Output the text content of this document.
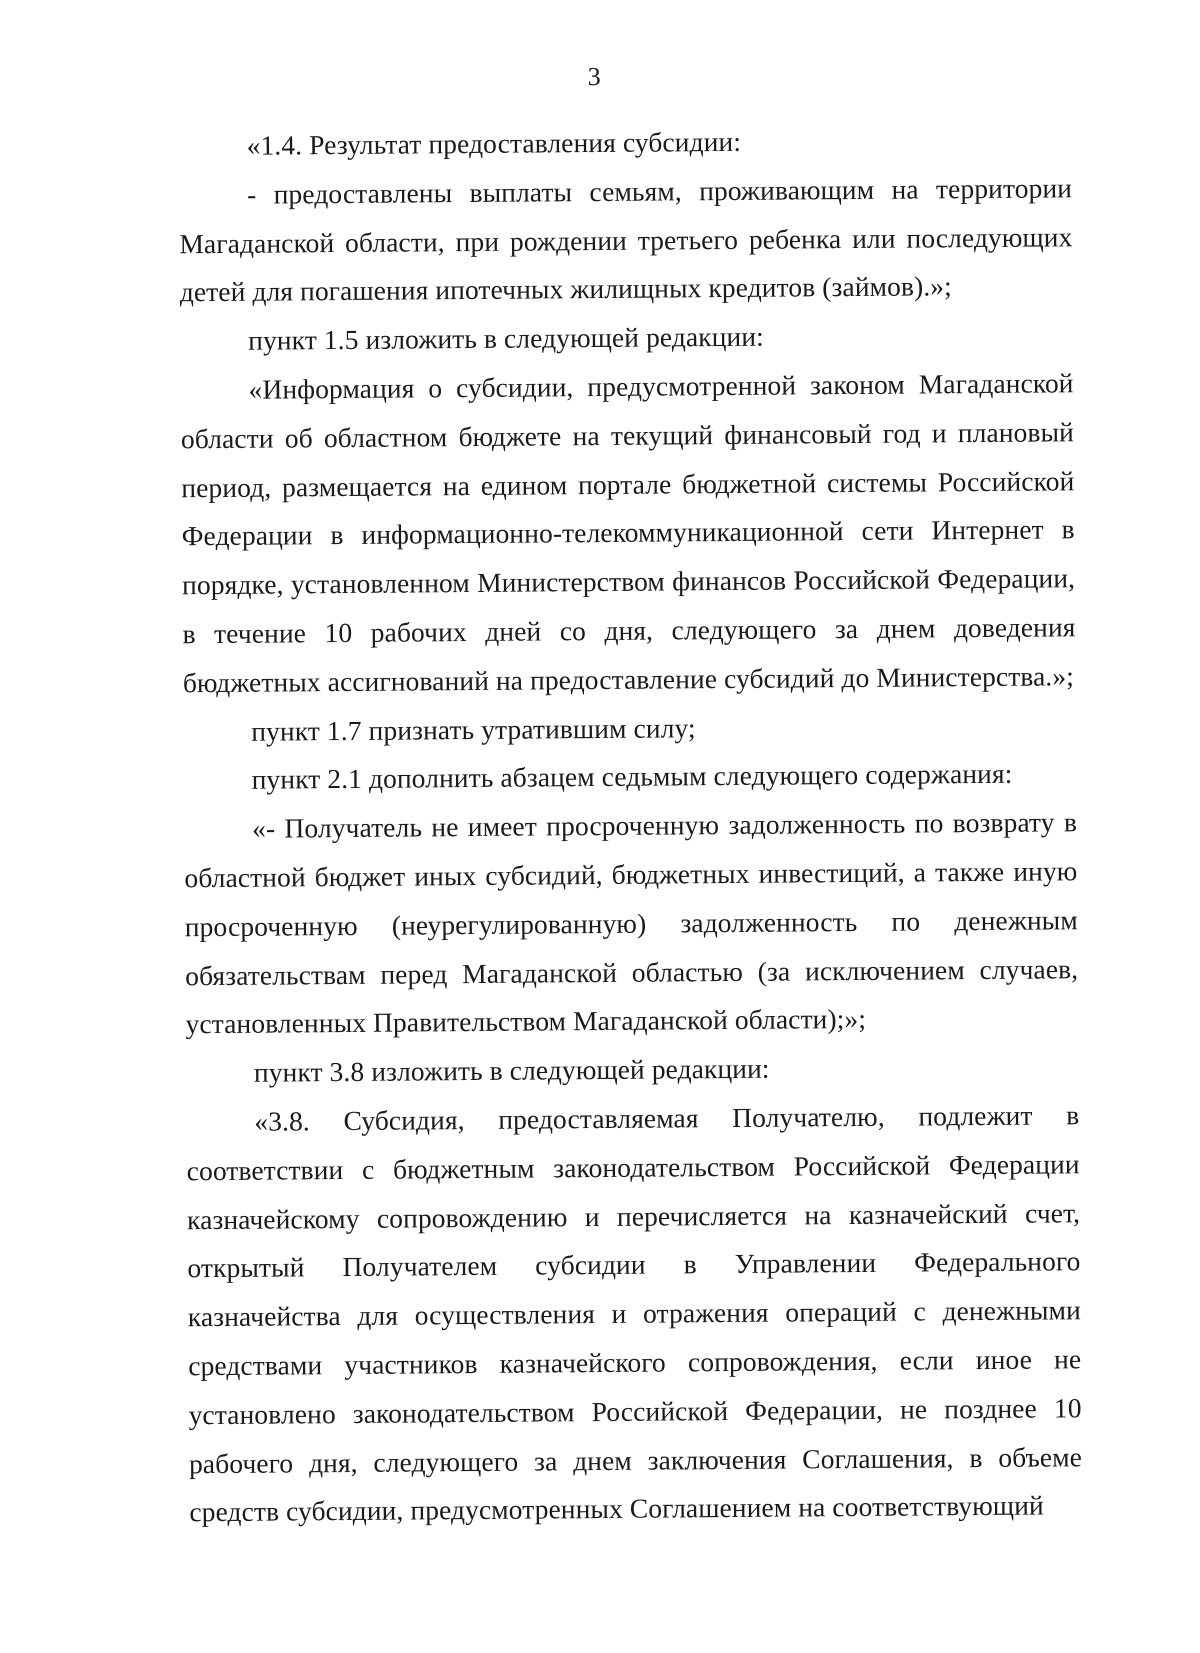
3

«1.4. Результат предоставления субсидии:

- предоставлены выплаты семьям, проживающим на территории Магаданской области, при рождении третьего ребенка или последующих детей для погашения ипотечных жилищных кредитов (займов).»;

пункт 1.5 изложить в следующей редакции:

«Информация о субсидии, предусмотренной законом Магаданской области об областном бюджете на текущий финансовый год и плановый период, размещается на едином портале бюджетной системы Российской Федерации в информационно-телекоммуникационной сети Интернет в порядке, установленном Министерством финансов Российской Федерации, в течение 10 рабочих дней со дня, следующего за днем доведения бюджетных ассигнований на предоставление субсидий до Министерства.»;

пункт 1.7 признать утратившим силу;

пункт 2.1 дополнить абзацем седьмым следующего содержания:

«- Получатель не имеет просроченную задолженность по возврату в областной бюджет иных субсидий, бюджетных инвестиций, а также иную просроченную (неурегулированную) задолженность по денежным обязательствам перед Магаданской областью (за исключением случаев, установленных Правительством Магаданской области);»;

пункт 3.8 изложить в следующей редакции:

«3.8. Субсидия, предоставляемая Получателю, подлежит в соответствии с бюджетным законодательством Российской Федерации казначейскому сопровождению и перечисляется на казначейский счет, открытый Получателем субсидии в Управлении Федерального казначейства для осуществления и отражения операций с денежными средствами участников казначейского сопровождения, если иное не установлено законодательством Российской Федерации, не позднее 10 рабочего дня, следующего за днем заключения Соглашения, в объеме средств субсидии, предусмотренных Соглашением на соответствующий
